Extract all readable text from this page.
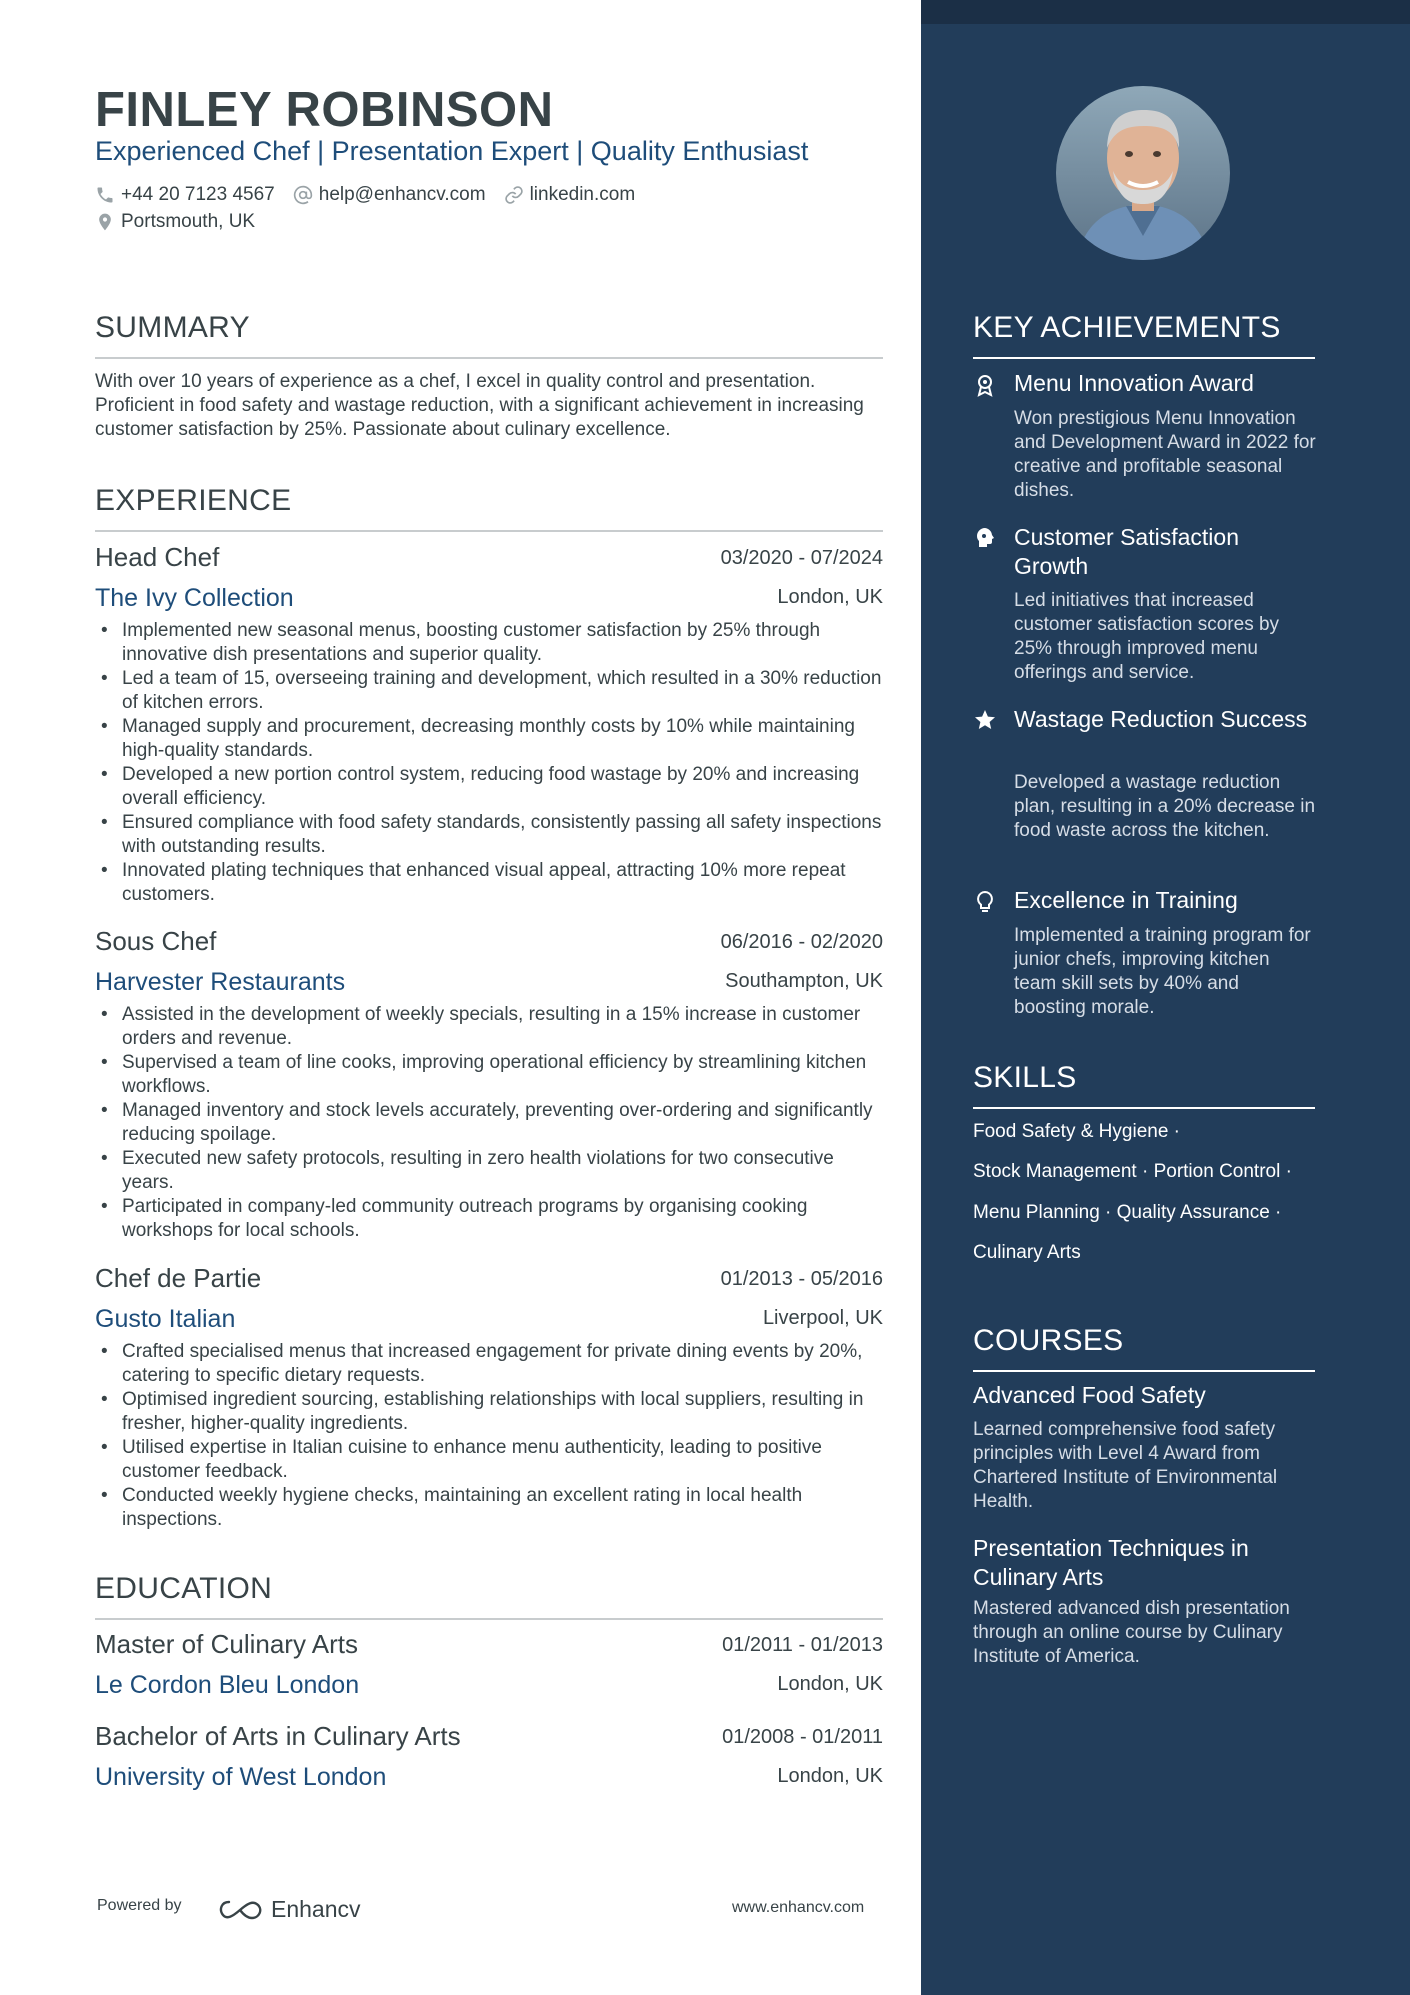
FINLEY ROBINSON
Experienced Chef | Presentation Expert | Quality Enthusiast
+44 20 7123 4567 help@enhancv.com linkedin.com
Portsmouth, UK
SUMMARY
With over 10 years of experience as a chef, I excel in quality control and presentation. Proficient in food safety and wastage reduction, with a significant achievement in increasing customer satisfaction by 25%. Passionate about culinary excellence.
EXPERIENCE
Head Chef	03/2020 - 07/2024
The Ivy Collection	London, UK
• Implemented new seasonal menus, boosting customer satisfaction by 25% through innovative dish presentations and superior quality.
• Led a team of 15, overseeing training and development, which resulted in a 30% reduction of kitchen errors.
• Managed supply and procurement, decreasing monthly costs by 10% while maintaining high-quality standards.
• Developed a new portion control system, reducing food wastage by 20% and increasing overall efficiency.
• Ensured compliance with food safety standards, consistently passing all safety inspections with outstanding results.
• Innovated plating techniques that enhanced visual appeal, attracting 10% more repeat customers.
Sous Chef	06/2016 - 02/2020
Harvester Restaurants	Southampton, UK
• Assisted in the development of weekly specials, resulting in a 15% increase in customer orders and revenue.
• Supervised a team of line cooks, improving operational efficiency by streamlining kitchen workflows.
• Managed inventory and stock levels accurately, preventing over-ordering and significantly reducing spoilage.
• Executed new safety protocols, resulting in zero health violations for two consecutive years.
• Participated in company-led community outreach programs by organising cooking workshops for local schools.
Chef de Partie	01/2013 - 05/2016
Gusto Italian	Liverpool, UK
• Crafted specialised menus that increased engagement for private dining events by 20%, catering to specific dietary requests.
• Optimised ingredient sourcing, establishing relationships with local suppliers, resulting in fresher, higher-quality ingredients.
• Utilised expertise in Italian cuisine to enhance menu authenticity, leading to positive customer feedback.
• Conducted weekly hygiene checks, maintaining an excellent rating in local health inspections.
EDUCATION
Master of Culinary Arts	01/2011 - 01/2013
Le Cordon Bleu London	London, UK
Bachelor of Arts in Culinary Arts	01/2008 - 01/2011
University of West London	London, UK
Powered by	Enhancv	www.enhancv.com
KEY ACHIEVEMENTS
Menu Innovation Award
Won prestigious Menu Innovation and Development Award in 2022 for creative and profitable seasonal dishes.
Customer Satisfaction Growth
Led initiatives that increased customer satisfaction scores by 25% through improved menu offerings and service.
Wastage Reduction Success
Developed a wastage reduction plan, resulting in a 20% decrease in food waste across the kitchen.
Excellence in Training
Implemented a training program for junior chefs, improving kitchen team skill sets by 40% and boosting morale.
SKILLS
Food Safety & Hygiene ·
Stock Management · Portion Control ·
Menu Planning · Quality Assurance ·
Culinary Arts
COURSES
Advanced Food Safety
Learned comprehensive food safety principles with Level 4 Award from Chartered Institute of Environmental Health.
Presentation Techniques in Culinary Arts
Mastered advanced dish presentation through an online course by Culinary Institute of America.
